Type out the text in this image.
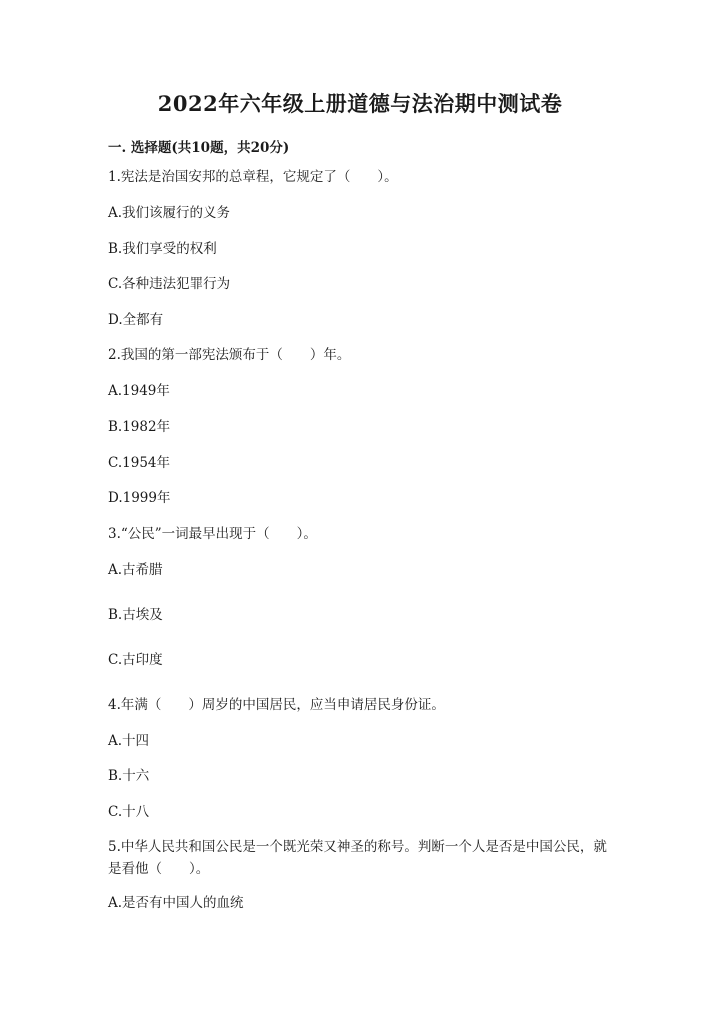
2022年六年级上册道德与法治期中测试卷
一. 选择题(共10题，共20分)
1.宪法是治国安邦的总章程，它规定了（　　）。
A.我们该履行的义务
B.我们享受的权利
C.各种违法犯罪行为
D.全都有
2.我国的第一部宪法颁布于（　　）年。
A.1949年
B.1982年
C.1954年
D.1999年
3.“公民”一词最早出现于（　　）。
A.古希腊
B.古埃及
C.古印度
4.年满（　　）周岁的中国居民，应当申请居民身份证。
A.十四
B.十六
C.十八
5.中华人民共和国公民是一个既光荣又神圣的称号。判断一个人是否是中国公民，就是看他（　　）。
A.是否有中国人的血统
